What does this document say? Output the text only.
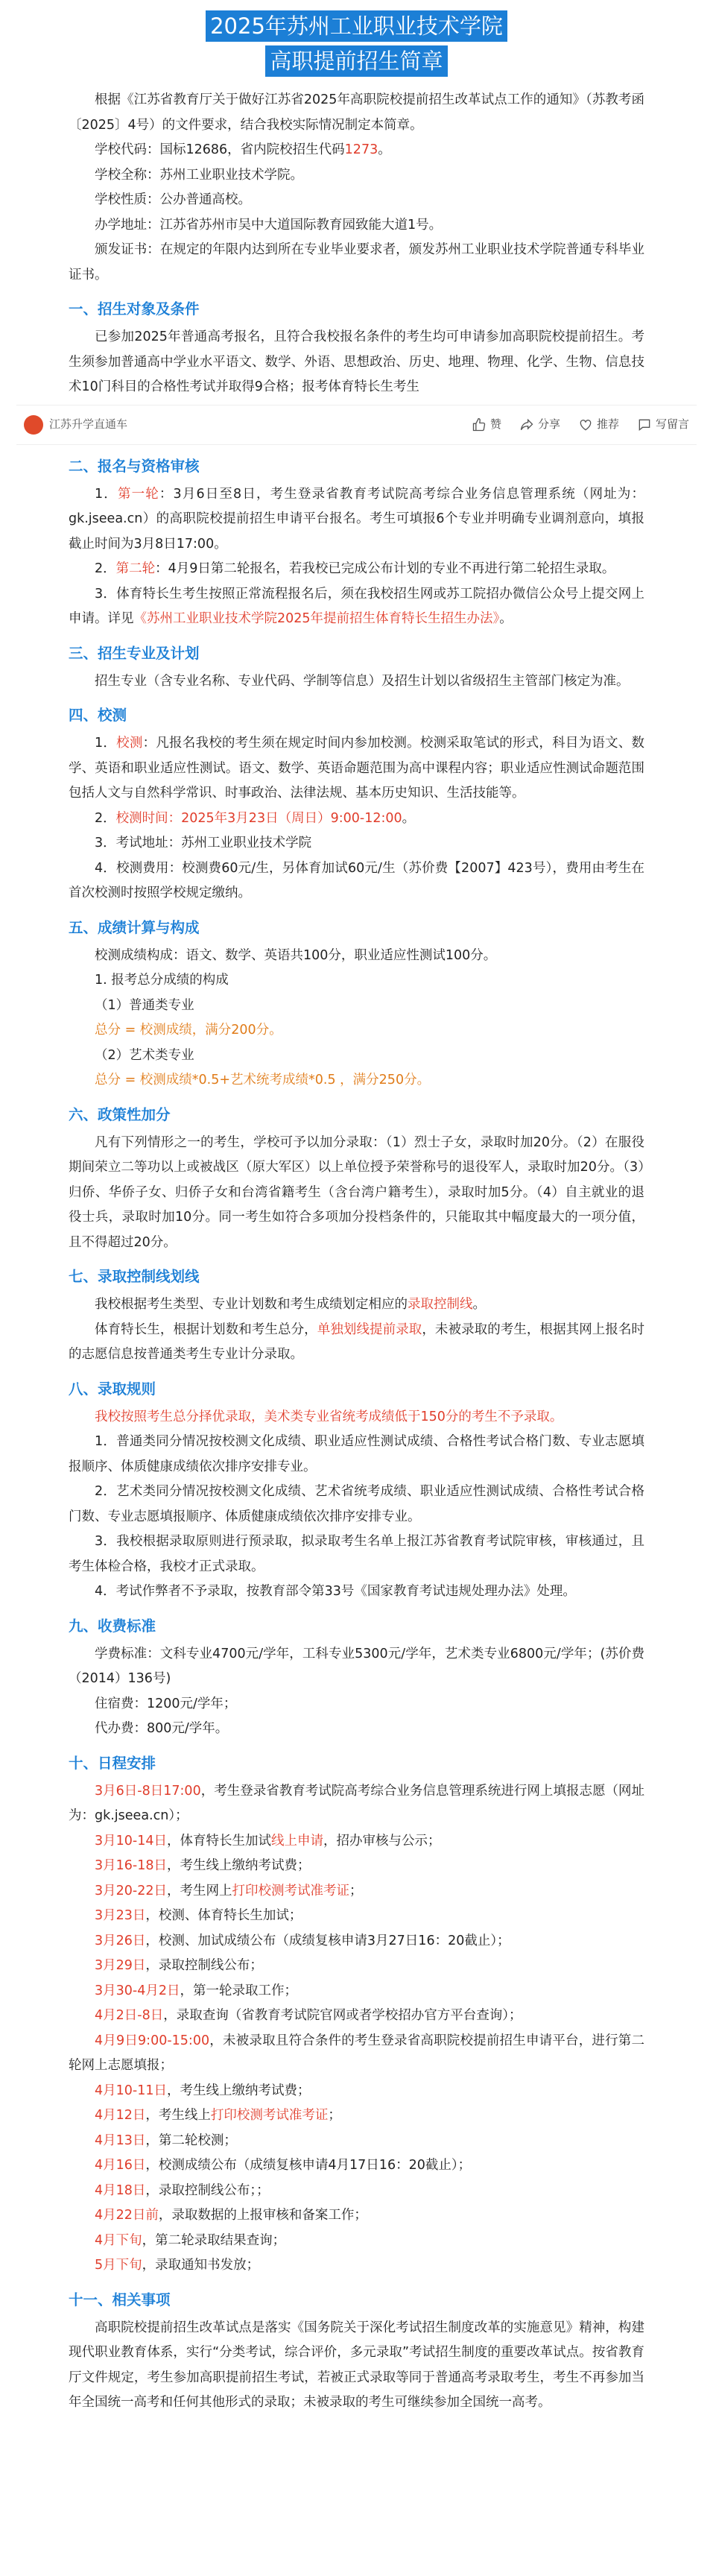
2025年苏州工业职业技术学院
高职提前招生简章

根据《江苏省教育厅关于做好江苏省2025年高职院校提前招生改革试点工作的通知》（苏教考函〔2025〕4号）的文件要求，结合我校实际情况制定本简章。

学校代码：国标12686，省内院校招生代码1273。

学校全称：苏州工业职业技术学院。

学校性质：公办普通高校。

办学地址：江苏省苏州市吴中大道国际教育园致能大道1号。

颁发证书：在规定的年限内达到所在专业毕业要求者，颁发苏州工业职业技术学院普通专科毕业证书。

一、招生对象及条件

已参加2025年普通高考报名，且符合我校报名条件的考生均可申请参加高职院校提前招生。考生须参加普通高中学业水平语文、数学、外语、思想政治、历史、地理、物理、化学、生物、信息技术10门科目的合格性考试并取得9合格；报考体育特长生考生

江苏升学直通车	赞	分享	推荐	写留言
二、报名与资格审核

1．第一轮：3月6日至8日，考生登录省教育考试院高考综合业务信息管理系统（网址为：gk.jseea.cn）的高职院校提前招生申请平台报名。考生可填报6个专业并明确专业调剂意向，填报截止时间为3月8日17:00。

2．第二轮：4月9日第二轮报名，若我校已完成公布计划的专业不再进行第二轮招生录取。

3．体育特长生考生按照正常流程报名后，须在我校招生网或苏工院招办微信公众号上提交网上申请。详见《苏州工业职业技术学院2025年提前招生体育特长生招生办法》。

三、招生专业及计划

招生专业（含专业名称、专业代码、学制等信息）及招生计划以省级招生主管部门核定为准。

四、校测

1．校测：凡报名我校的考生须在规定时间内参加校测。校测采取笔试的形式，科目为语文、数学、英语和职业适应性测试。语文、数学、英语命题范围为高中课程内容；职业适应性测试命题范围包括人文与自然科学常识、时事政治、法律法规、基本历史知识、生活技能等。

2．校测时间：2025年3月23日（周日）9:00-12:00。

3．考试地址：苏州工业职业技术学院

4．校测费用：校测费60元/生，另体育加试60元/生（苏价费【2007】423号），费用由考生在首次校测时按照学校规定缴纳。

五、成绩计算与构成

校测成绩构成：语文、数学、英语共100分，职业适应性测试100分。

1. 报考总分成绩的构成

（1）普通类专业

总分 = 校测成绩，满分200分。

（2）艺术类专业

总分 = 校测成绩*0.5+艺术统考成绩*0.5 ，满分250分。

六、政策性加分

凡有下列情形之一的考生，学校可予以加分录取：（1）烈士子女，录取时加20分。（2）在服役期间荣立二等功以上或被战区（原大军区）以上单位授予荣誉称号的退役军人，录取时加20分。（3）归侨、华侨子女、归侨子女和台湾省籍考生（含台湾户籍考生），录取时加5分。（4）自主就业的退役士兵，录取时加10分。同一考生如符合多项加分投档条件的，只能取其中幅度最大的一项分值，且不得超过20分。

七、录取控制线划线

我校根据考生类型、专业计划数和考生成绩划定相应的录取控制线。

体育特长生，根据计划数和考生总分，单独划线提前录取，未被录取的考生，根据其网上报名时的志愿信息按普通类考生专业计分录取。

八、录取规则

我校按照考生总分择优录取，美术类专业省统考成绩低于150分的考生不予录取。

1．普通类同分情况按校测文化成绩、职业适应性测试成绩、合格性考试合格门数、专业志愿填报顺序、体质健康成绩依次排序安排专业。

2．艺术类同分情况按校测文化成绩、艺术省统考成绩、职业适应性测试成绩、合格性考试合格门数、专业志愿填报顺序、体质健康成绩依次排序安排专业。

3．我校根据录取原则进行预录取，拟录取考生名单上报江苏省教育考试院审核，审核通过，且考生体检合格，我校才正式录取。

4．考试作弊者不予录取，按教育部令第33号《国家教育考试违规处理办法》处理。

九、收费标准

学费标准：文科专业4700元/学年，工科专业5300元/学年，艺术类专业6800元/学年；(苏价费（2014）136号)

住宿费：1200元/学年；

代办费：800元/学年。

十、日程安排

3月6日-8日17:00，考生登录省教育考试院高考综合业务信息管理系统进行网上填报志愿（网址为：gk.jseea.cn）；

3月10-14日，体育特长生加试线上申请，招办审核与公示；

3月16-18日，考生线上缴纳考试费；

3月20-22日，考生网上打印校测考试准考证；

3月23日，校测、体育特长生加试；

3月26日，校测、加试成绩公布（成绩复核申请3月27日16：20截止）；

3月29日，录取控制线公布；

3月30-4月2日，第一轮录取工作；

4月2日-8日，录取查询（省教育考试院官网或者学校招办官方平台查询）；

4月9日9:00-15:00，未被录取且符合条件的考生登录省高职院校提前招生申请平台，进行第二轮网上志愿填报；

4月10-11日，考生线上缴纳考试费；

4月12日，考生线上打印校测考试准考证；

4月13日，第二轮校测；

4月16日，校测成绩公布（成绩复核申请4月17日16：20截止）；

4月18日，录取控制线公布；；

4月22日前，录取数据的上报审核和备案工作；

4月下旬，第二轮录取结果查询；

5月下旬，录取通知书发放；

十一、相关事项

高职院校提前招生改革试点是落实《国务院关于深化考试招生制度改革的实施意见》精神，构建现代职业教育体系，实行“分类考试，综合评价，多元录取”考试招生制度的重要改革试点。按省教育厅文件规定，考生参加高职提前招生考试，若被正式录取等同于普通高考录取考生，考生不再参加当年全国统一高考和任何其他形式的录取；未被录取的考生可继续参加全国统一高考。
